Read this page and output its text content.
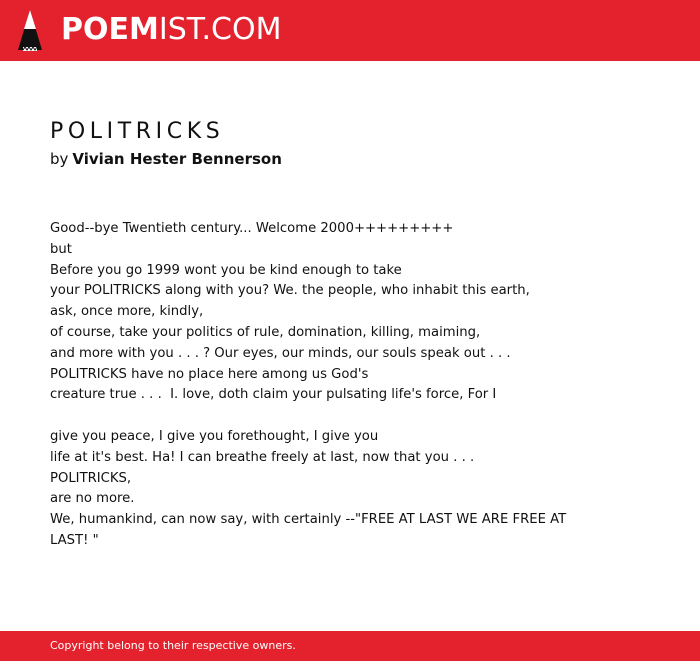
POEMIST.COM
POLITRICKS
by Vivian Hester Bennerson
Good--bye Twentieth century... Welcome 2000+++++++++
but
Before you go 1999 wont you be kind enough to take
your POLITRICKS along with you? We. the people, who inhabit this earth,
ask, once more, kindly,
of course, take your politics of rule, domination, killing, maiming,
and more with you . . . ? Our eyes, our minds, our souls speak out . . .
POLITRICKS have no place here among us God's
creature true . . .  I. love, doth claim your pulsating life's force, For I
give you peace, I give you forethought, I give you
life at it's best. Ha! I can breathe freely at last, now that you . . .
POLITRICKS,
are no more.
We, humankind, can now say, with certainly --"FREE AT LAST WE ARE FREE AT
LAST! "
Copyright belong to their respective owners.
